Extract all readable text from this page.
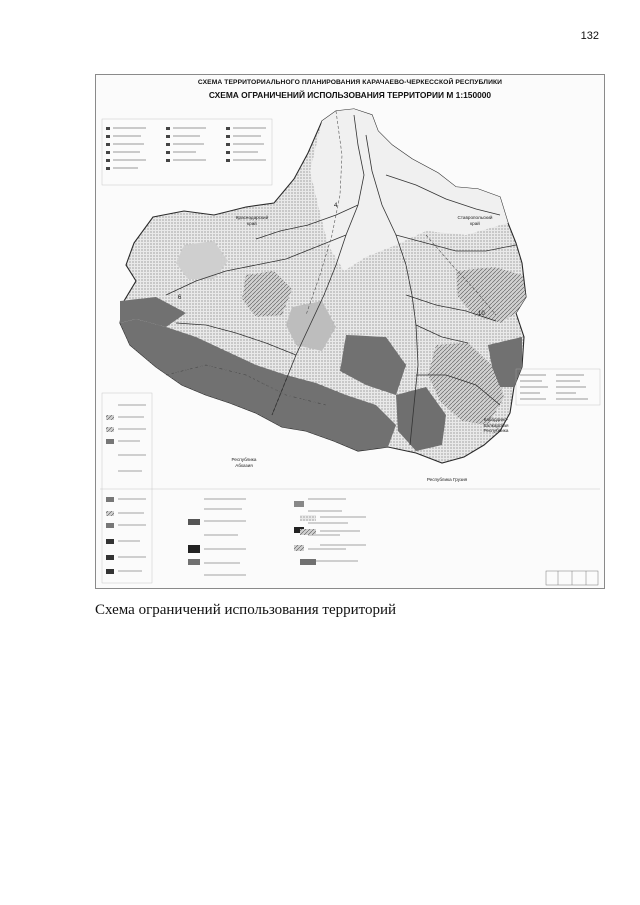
132
СХЕМА ТЕРРИТОРИАЛЬНОГО ПЛАНИРОВАНИЯ КАРАЧАЕВО-ЧЕРКЕССКОЙ РЕСПУБЛИКИ
СХЕМА ОГРАНИЧЕНИЙ ИСПОЛЬЗОВАНИЯ ТЕРРИТОРИИ М 1:150000
4
6
10
Краснодарский край
Ставропольский край
Республика Абхазия
Кабардино-Балкарская Республика
Республика Грузия
Схема ограничений использования территорий
